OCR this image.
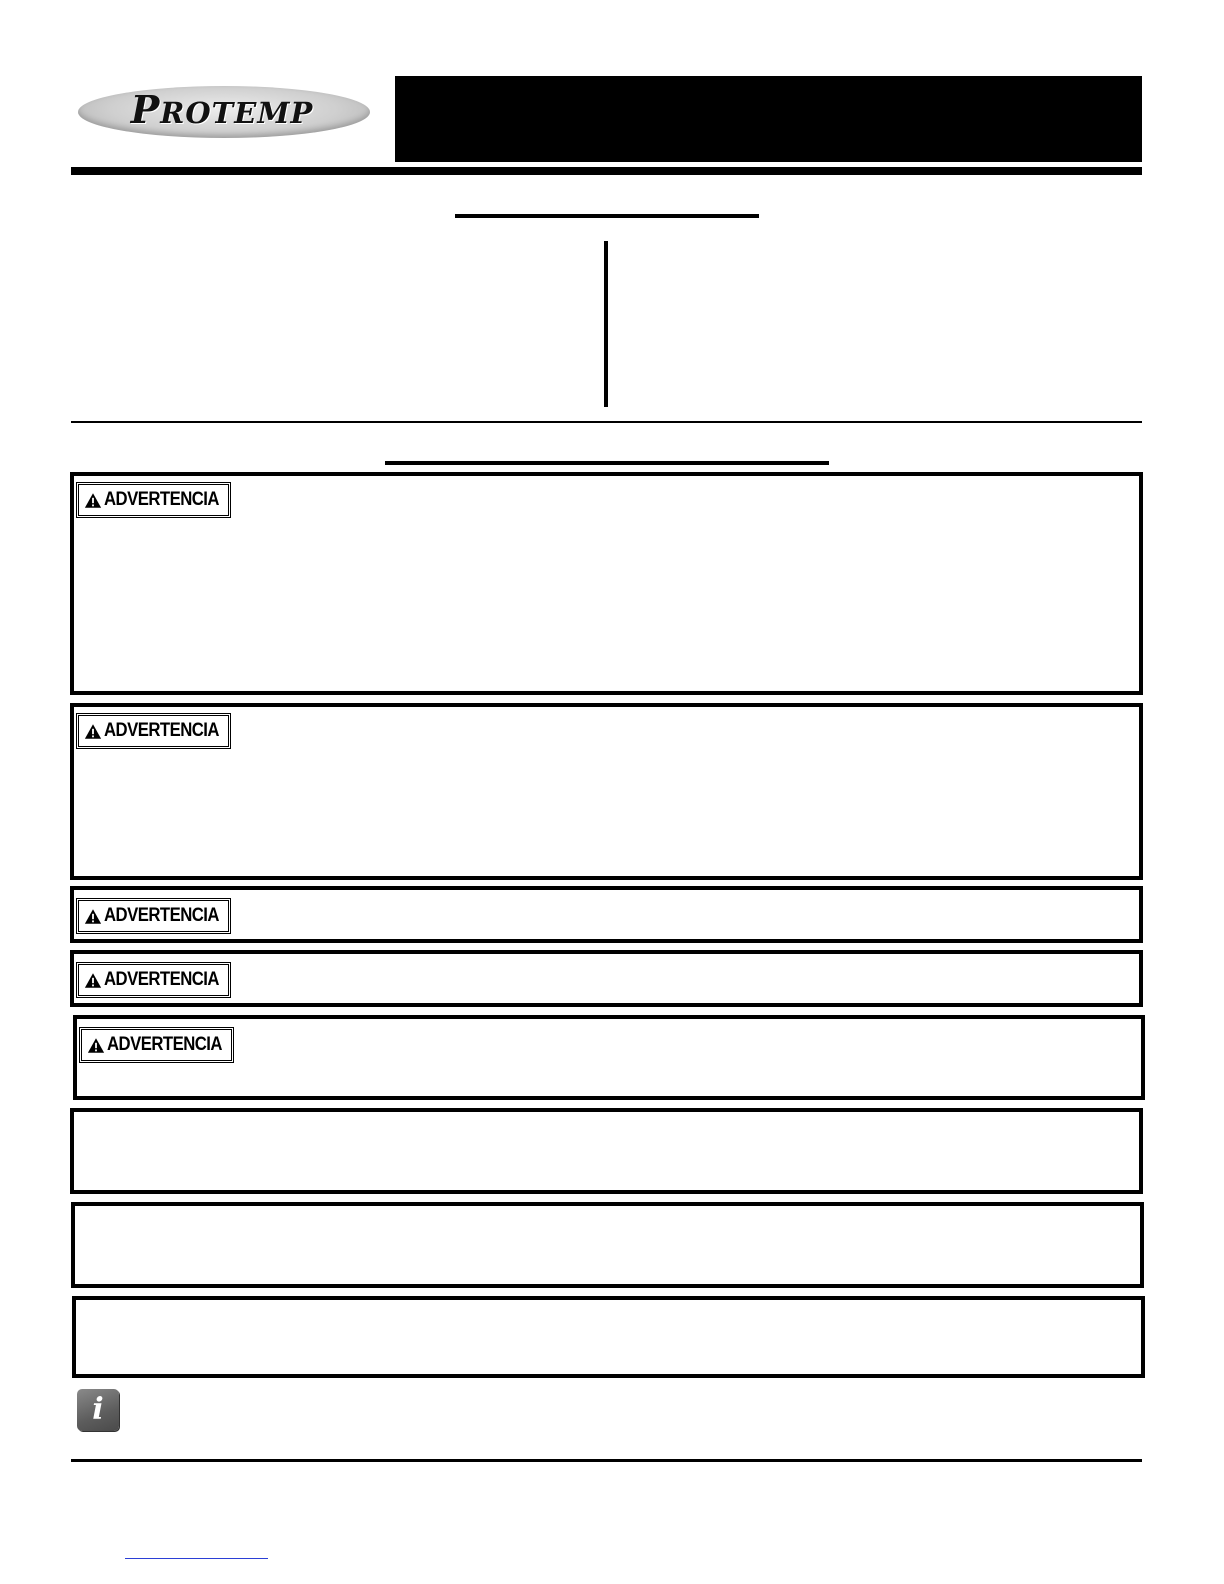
PROTEMP
ADVERTENCIA
ADVERTENCIA
ADVERTENCIA
ADVERTENCIA
ADVERTENCIA
i
